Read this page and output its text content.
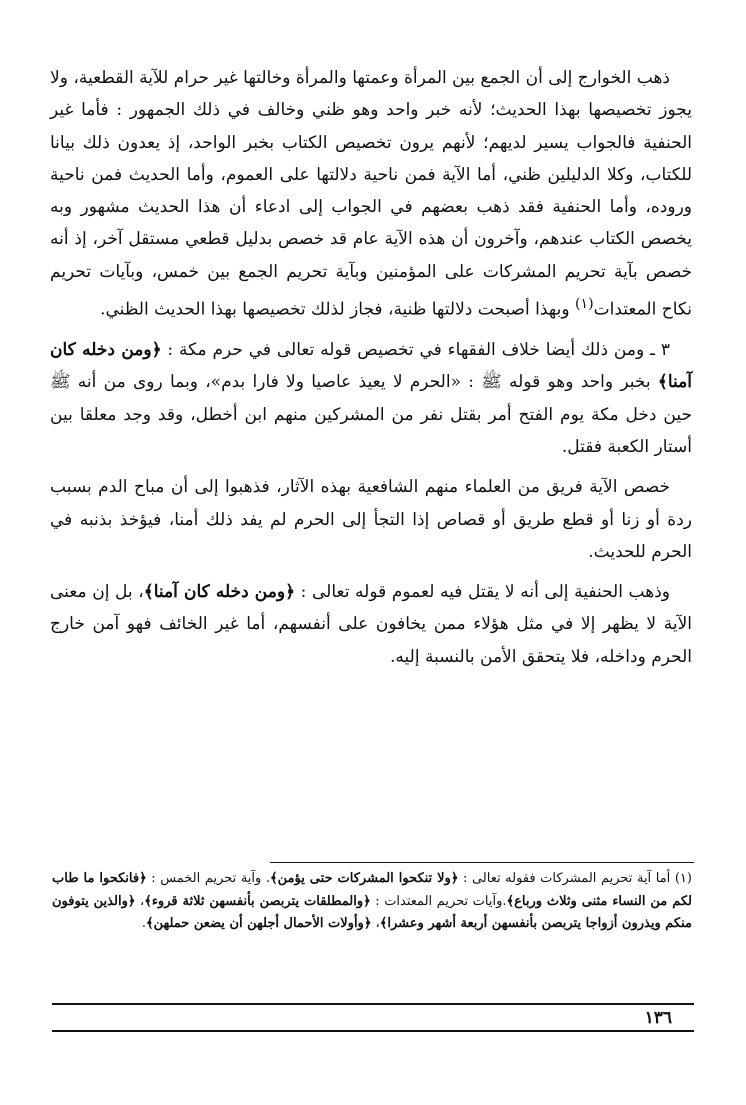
ذهب الخوارج إلى أن الجمع بين المرأة وعمتها والمرأة وخالتها غير حرام للآية القطعية، ولا يجوز تخصيصها بهذا الحديث؛ لأنه خبر واحد وهو ظني وخالف في ذلك الجمهور : فأما غير الحنفية فالجواب يسير لديهم؛ لأنهم يرون تخصيص الكتاب بخبر الواحد، إذ يعدون ذلك بيانا للكتاب، وكلا الدليلين ظني، أما الآية فمن ناحية دلالتها على العموم، وأما الحديث فمن ناحية وروده، وأما الحنفية فقد ذهب بعضهم في الجواب إلى ادعاء أن هذا الحديث مشهور وبه يخصص الكتاب عندهم، وآخرون أن هذه الآية عام قد خصص بدليل قطعي مستقل آخر، إذ أنه خصص بآية تحريم المشركات على المؤمنين وبآية تحريم الجمع بين خمس، وبآيات تحريم نكاح المعتدات$^{(١)}$ وبهذا أصبحت دلالتها ظنية، فجاز لذلك تخصيصها بهذا الحديث الظني.

٣ ـ ومن ذلك أيضا خلاف الفقهاء في تخصيص قوله تعالى في حرم مكة : ﴿ومن دخله كان آمنا﴾ بخبر واحد وهو قوله ﷺ : «الحرم لا يعيذ عاصيا ولا فارا بدم»، وبما روى من أنه ﷺ حين دخل مكة يوم الفتح أمر بقتل نفر من المشركين منهم ابن أخطل، وقد وجد معلقا بين أستار الكعبة فقتل.

خصص الآية فريق من العلماء منهم الشافعية بهذه الآثار، فذهبوا إلى أن مباح الدم بسبب ردة أو زنا أو قطع طريق أو قصاص إذا التجأ إلى الحرم لم يفد ذلك أمنا، فيؤخذ بذنبه في الحرم للحديث.

وذهب الحنفية إلى أنه لا يقتل فيه لعموم قوله تعالى : ﴿ومن دخله كان آمنا﴾، بل إن معنى الآية لا يظهر إلا في مثل هؤلاء ممن يخافون على أنفسهم، أما غير الخائف فهو آمن خارج الحرم وداخله، فلا يتحقق الأمن بالنسبة إليه.

(١) أما آية تحريم المشركات فقوله تعالى : ﴿ولا تنكحوا المشركات حتى يؤمن﴾. وآية تحريم الخمس : ﴿فانكحوا ما طاب لكم من النساء مثنى وثلاث ورباع﴾.وآيات تحريم المعتدات : ﴿والمطلقات يتربصن بأنفسهن ثلاثة قروء﴾، ﴿والذين يتوفون منكم ويذرون أزواجا يتربصن بأنفسهن أربعة أشهر وعشرا﴾، ﴿وأولات الأحمال أجلهن أن يضعن حملهن﴾.
١٣٦
